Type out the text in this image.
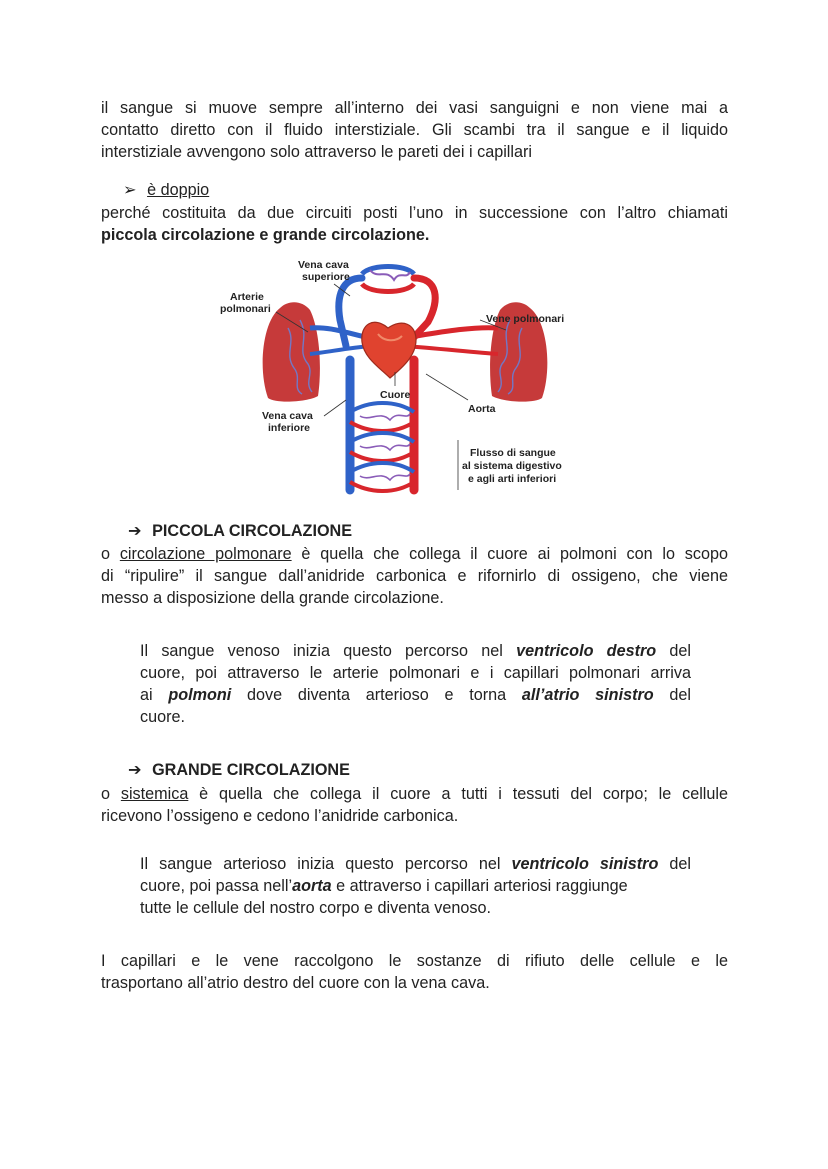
il sangue si muove sempre all’interno dei vasi sanguigni e non viene mai a
contatto diretto con il fluido interstiziale. Gli scambi tra il sangue e il liquido
interstiziale avvengono solo attraverso le pareti dei i capillari
➢ è doppio
perché costituita da due circuiti posti l’uno in successione con l’altro chiamati
piccola circolazione e grande circolazione.
Vena cava
superiore
Arterie
polmonari
Vene polmonari
Cuore
Aorta
Vena cava
inferiore
Flusso di sangue
al sistema digestivo
e agli arti inferiori
➔ PICCOLA CIRCOLAZIONE
o circolazione polmonare è quella che collega il cuore ai polmoni con lo scopo
di “ripulire” il sangue dall’anidride carbonica e rifornirlo di ossigeno, che viene
messo a disposizione della grande circolazione.
Il sangue venoso inizia questo percorso nel ventricolo destro del
cuore, poi attraverso le arterie polmonari e i capillari polmonari arriva
ai polmoni dove diventa arterioso e torna all’atrio sinistro del
cuore.
➔ GRANDE CIRCOLAZIONE
o sistemica è quella che collega il cuore a tutti i tessuti del corpo; le cellule
ricevono l’ossigeno e cedono l’anidride carbonica.
Il sangue arterioso inizia questo percorso nel ventricolo sinistro del
cuore, poi passa nell’aorta e attraverso i capillari arteriosi raggiunge
tutte le cellule del nostro corpo e diventa venoso.
I capillari e le vene raccolgono le sostanze di rifiuto delle cellule e le
trasportano all’atrio destro del cuore con la vena cava.
